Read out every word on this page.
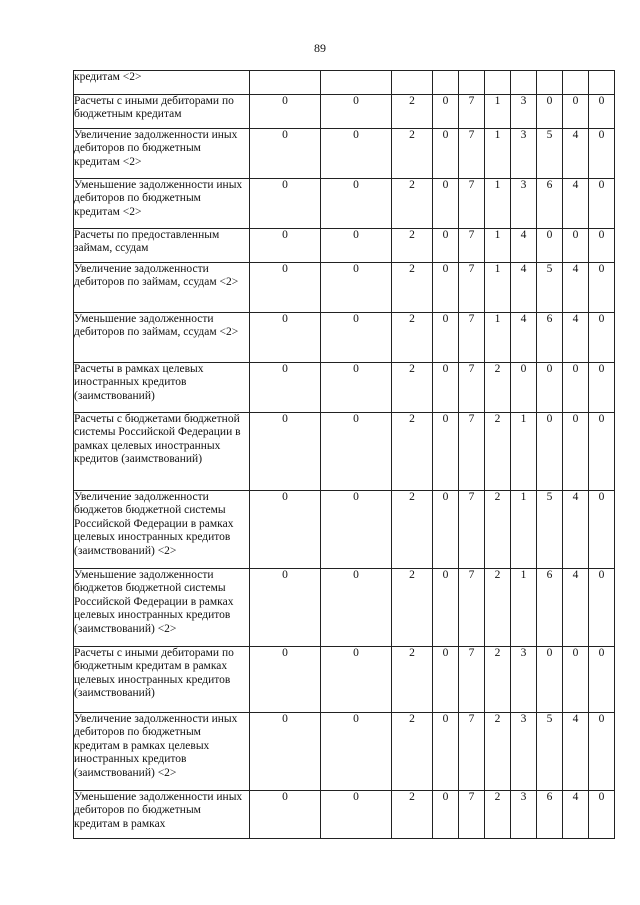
89
кредитам <2>										
Расчеты с иными дебиторами по бюджетным кредитам	0	0	2	0	7	1	3	0	0	0
Увеличение задолженности иных дебиторов по бюджетным кредитам <2>	0	0	2	0	7	1	3	5	4	0
Уменьшение задолженности иных дебиторов по бюджетным кредитам <2>	0	0	2	0	7	1	3	6	4	0
Расчеты по предоставленным займам, ссудам	0	0	2	0	7	1	4	0	0	0
Увеличение задолженности дебиторов по займам, ссудам <2>	0	0	2	0	7	1	4	5	4	0
Уменьшение задолженности дебиторов по займам, ссудам <2>	0	0	2	0	7	1	4	6	4	0
Расчеты в рамках целевых иностранных кредитов (заимствований)	0	0	2	0	7	2	0	0	0	0
Расчеты с бюджетами бюджетной системы Российской Федерации в рамках целевых иностранных кредитов (заимствований)	0	0	2	0	7	2	1	0	0	0
Увеличение задолженности бюджетов бюджетной системы Российской Федерации в рамках целевых иностранных кредитов (заимствований) <2>	0	0	2	0	7	2	1	5	4	0
Уменьшение задолженности бюджетов бюджетной системы Российской Федерации в рамках целевых иностранных кредитов (заимствований) <2>	0	0	2	0	7	2	1	6	4	0
Расчеты с иными дебиторами по бюджетным кредитам в рамках целевых иностранных кредитов (заимствований)	0	0	2	0	7	2	3	0	0	0
Увеличение задолженности иных дебиторов по бюджетным кредитам в рамках целевых иностранных кредитов (заимствований) <2>	0	0	2	0	7	2	3	5	4	0
Уменьшение задолженности иных дебиторов по бюджетным кредитам в рамках	0	0	2	0	7	2	3	6	4	0
